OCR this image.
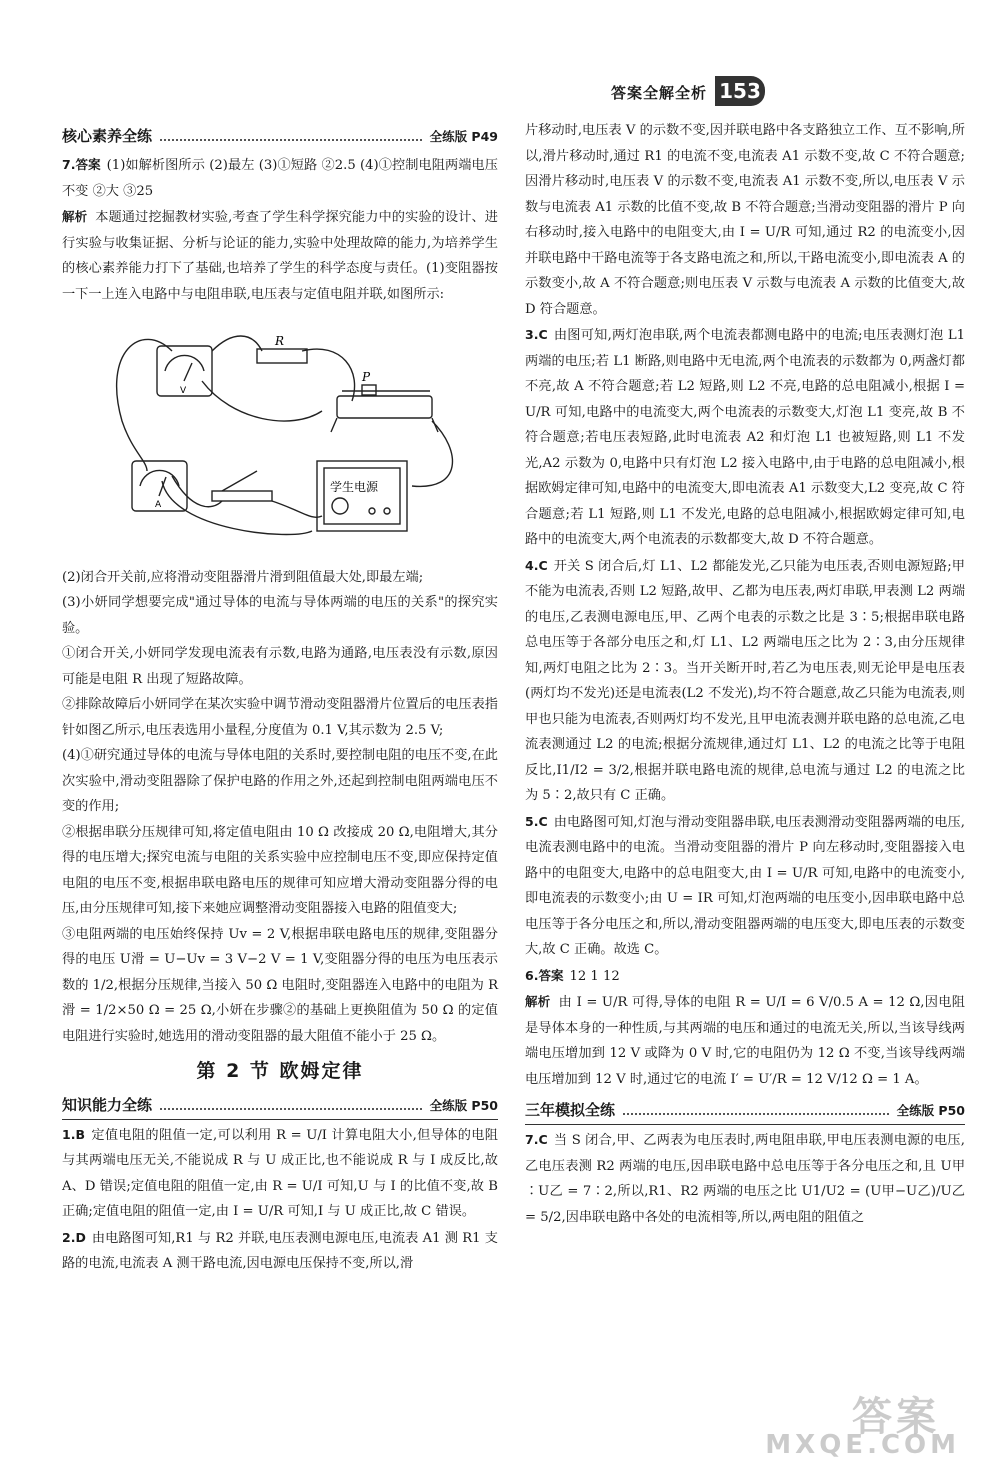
答案全解全析 153
核心素养全练	全练版 P49

7.答案 (1)如解析图所示 (2)最左 (3)①短路 ②2.5 (4)①控制电阻两端电压不变 ②大 ③25

解析 本题通过挖掘教材实验,考查了学生科学探究能力中的实验的设计、进行实验与收集证据、分析与论证的能力,实验中处理故障的能力,为培养学生的核心素养能力打下了基础,也培养了学生的科学态度与责任。(1)变阻器按一下一上连入电路中与电阻串联,电压表与定值电阻并联,如图所示:

R
P
V
A
学生电源

(2)闭合开关前,应将滑动变阻器滑片滑到阻值最大处,即最左端;

(3)小妍同学想要完成"通过导体的电流与导体两端的电压的关系"的探究实验。

①闭合开关,小妍同学发现电流表有示数,电路为通路,电压表没有示数,原因可能是电阻 R 出现了短路故障。

②排除故障后小妍同学在某次实验中调节滑动变阻器滑片位置后的电压表指针如图乙所示,电压表选用小量程,分度值为 0.1 V,其示数为 2.5 V;

(4)①研究通过导体的电流与导体电阻的关系时,要控制电阻的电压不变,在此次实验中,滑动变阻器除了保护电路的作用之外,还起到控制电阻两端电压不变的作用;

②根据串联分压规律可知,将定值电阻由 10 Ω 改接成 20 Ω,电阻增大,其分得的电压增大;探究电流与电阻的关系实验中应控制电压不变,即应保持定值电阻的电压不变,根据串联电路电压的规律可知应增大滑动变阻器分得的电压,由分压规律可知,接下来她应调整滑动变阻器接入电路的阻值变大;

③电阻两端的电压始终保持 Uv = 2 V,根据串联电路电压的规律,变阻器分得的电压 U滑 = U−Uv = 3 V−2 V = 1 V,变阻器分得的电压为电压表示数的 1/2,根据分压规律,当接入 50 Ω 电阻时,变阻器连入电路中的电阻为 R滑 = 1/2×50 Ω = 25 Ω,小妍在步骤②的基础上更换阻值为 50 Ω 的定值电阻进行实验时,她选用的滑动变阻器的最大阻值不能小于 25 Ω。

第 2 节 欧姆定律
知识能力全练	全练版 P50

1.B 定值电阻的阻值一定,可以利用 R = U/I 计算电阻大小,但导体的电阻与其两端电压无关,不能说成 R 与 U 成正比,也不能说成 R 与 I 成反比,故 A、D 错误;定值电阻的阻值一定,由 R = U/I 可知,U 与 I 的比值不变,故 B 正确;定值电阻的阻值一定,由 I = U/R 可知,I 与 U 成正比,故 C 错误。

2.D 由电路图可知,R1 与 R2 并联,电压表测电源电压,电流表 A1 测 R1 支路的电流,电流表 A 测干路电流,因电源电压保持不变,所以,滑

片移动时,电压表 V 的示数不变,因并联电路中各支路独立工作、互不影响,所以,滑片移动时,通过 R1 的电流不变,电流表 A1 示数不变,故 C 不符合题意;因滑片移动时,电压表 V 的示数不变,电流表 A1 示数不变,所以,电压表 V 示数与电流表 A1 示数的比值不变,故 B 不符合题意;当滑动变阻器的滑片 P 向右移动时,接入电路中的电阻变大,由 I = U/R 可知,通过 R2 的电流变小,因并联电路中干路电流等于各支路电流之和,所以,干路电流变小,即电流表 A 的示数变小,故 A 不符合题意;则电压表 V 示数与电流表 A 示数的比值变大,故 D 符合题意。

3.C 由图可知,两灯泡串联,两个电流表都测电路中的电流;电压表测灯泡 L1 两端的电压;若 L1 断路,则电路中无电流,两个电流表的示数都为 0,两盏灯都不亮,故 A 不符合题意;若 L2 短路,则 L2 不亮,电路的总电阻减小,根据 I = U/R 可知,电路中的电流变大,两个电流表的示数变大,灯泡 L1 变亮,故 B 不符合题意;若电压表短路,此时电流表 A2 和灯泡 L1 也被短路,则 L1 不发光,A2 示数为 0,电路中只有灯泡 L2 接入电路中,由于电路的总电阻减小,根据欧姆定律可知,电路中的电流变大,即电流表 A1 示数变大,L2 变亮,故 C 符合题意;若 L1 短路,则 L1 不发光,电路的总电阻减小,根据欧姆定律可知,电路中的电流变大,两个电流表的示数都变大,故 D 不符合题意。

4.C 开关 S 闭合后,灯 L1、L2 都能发光,乙只能为电压表,否则电源短路;甲不能为电流表,否则 L2 短路,故甲、乙都为电压表,两灯串联,甲表测 L2 两端的电压,乙表测电源电压,甲、乙两个电表的示数之比是 3∶5;根据串联电路总电压等于各部分电压之和,灯 L1、L2 两端电压之比为 2∶3,由分压规律知,两灯电阻之比为 2∶3。当开关断开时,若乙为电压表,则无论甲是电压表(两灯均不发光)还是电流表(L2 不发光),均不符合题意,故乙只能为电流表,则甲也只能为电流表,否则两灯均不发光,且甲电流表测并联电路的总电流,乙电流表测通过 L2 的电流;根据分流规律,通过灯 L1、L2 的电流之比等于电阻反比,I1/I2 = 3/2,根据并联电路电流的规律,总电流与通过 L2 的电流之比为 5∶2,故只有 C 正确。

5.C 由电路图可知,灯泡与滑动变阻器串联,电压表测滑动变阻器两端的电压,电流表测电路中的电流。当滑动变阻器的滑片 P 向左移动时,变阻器接入电路中的电阻变大,电路中的总电阻变大,由 I = U/R 可知,电路中的电流变小,即电流表的示数变小;由 U = IR 可知,灯泡两端的电压变小,因串联电路中总电压等于各分电压之和,所以,滑动变阻器两端的电压变大,即电压表的示数变大,故 C 正确。故选 C。

6.答案 12 1 12

解析 由 I = U/R 可得,导体的电阻 R = U/I = 6 V/0.5 A = 12 Ω,因电阻是导体本身的一种性质,与其两端的电压和通过的电流无关,所以,当该导线两端电压增加到 12 V 或降为 0 V 时,它的电阻仍为 12 Ω 不变,当该导线两端电压增加到 12 V 时,通过它的电流 I′ = U′/R = 12 V/12 Ω = 1 A。

三年模拟全练	全练版 P50

7.C 当 S 闭合,甲、乙两表为电压表时,两电阻串联,甲电压表测电源的电压,乙电压表测 R2 两端的电压,因串联电路中总电压等于各分电压之和,且 U甲∶U乙 = 7∶2,所以,R1、R2 两端的电压之比 U1/U2 = (U甲−U乙)/U乙 = 5/2,因串联电路中各处的电流相等,所以,两电阻的阻值之

答案
MXQE.COM
